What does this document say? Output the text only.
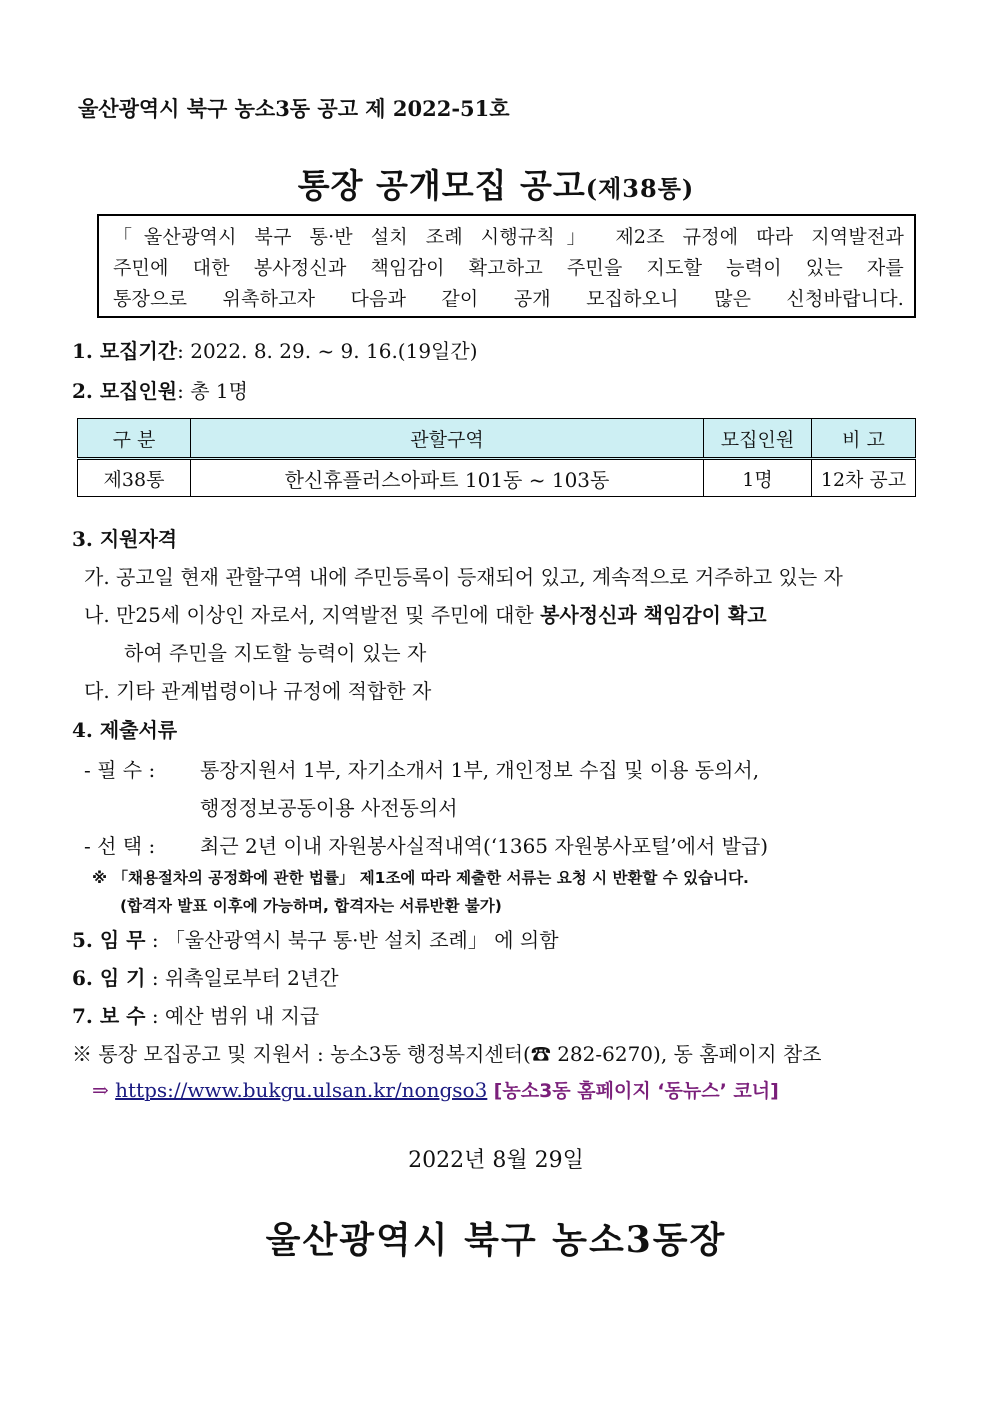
울산광역시 북구 농소3동 공고 제 2022-51호
통장 공개모집 공고(제38통)
「울산광역시 북구 통·반 설치 조례 시행규칙」 제2조 규정에 따라 지역발전과
주민에 대한 봉사정신과 책임감이 확고하고 주민을 지도할 능력이 있는 자를
통장으로 위촉하고자 다음과 같이 공개 모집하오니 많은 신청바랍니다.
1. 모집기간: 2022. 8. 29. ~ 9. 16.(19일간)
2. 모집인원: 총 1명
구 분	관할구역	모집인원	비 고
제38통	한신휴플러스아파트 101동 ~ 103동	1명	12차 공고
3. 지원자격
가. 공고일 현재 관할구역 내에 주민등록이 등재되어 있고, 계속적으로 거주하고 있는 자
나. 만25세 이상인 자로서, 지역발전 및 주민에 대한 봉사정신과 책임감이 확고
하여 주민을 지도할 능력이 있는 자
다. 기타 관계법령이나 규정에 적합한 자
4. 제출서류
- 필 수 : 통장지원서 1부, 자기소개서 1부, 개인정보 수집 및 이용 동의서,
행정정보공동이용 사전동의서
- 선 택 : 최근 2년 이내 자원봉사실적내역(‘1365 자원봉사포털’에서 발급)
※ 「채용절차의 공정화에 관한 법률」 제1조에 따라 제출한 서류는 요청 시 반환할 수 있습니다.
(합격자 발표 이후에 가능하며, 합격자는 서류반환 불가)
5. 임 무 : 「울산광역시 북구 통·반 설치 조례」 에 의함
6. 임 기 : 위촉일로부터 2년간
7. 보 수 : 예산 범위 내 지급
※ 통장 모집공고 및 지원서 : 농소3동 행정복지센터(☎ 282-6270), 동 홈페이지 참조
⇒ https://www.bukgu.ulsan.kr/nongso3 [농소3동 홈페이지 ‘동뉴스’ 코너]
2022년 8월 29일
울산광역시 북구 농소3동장
